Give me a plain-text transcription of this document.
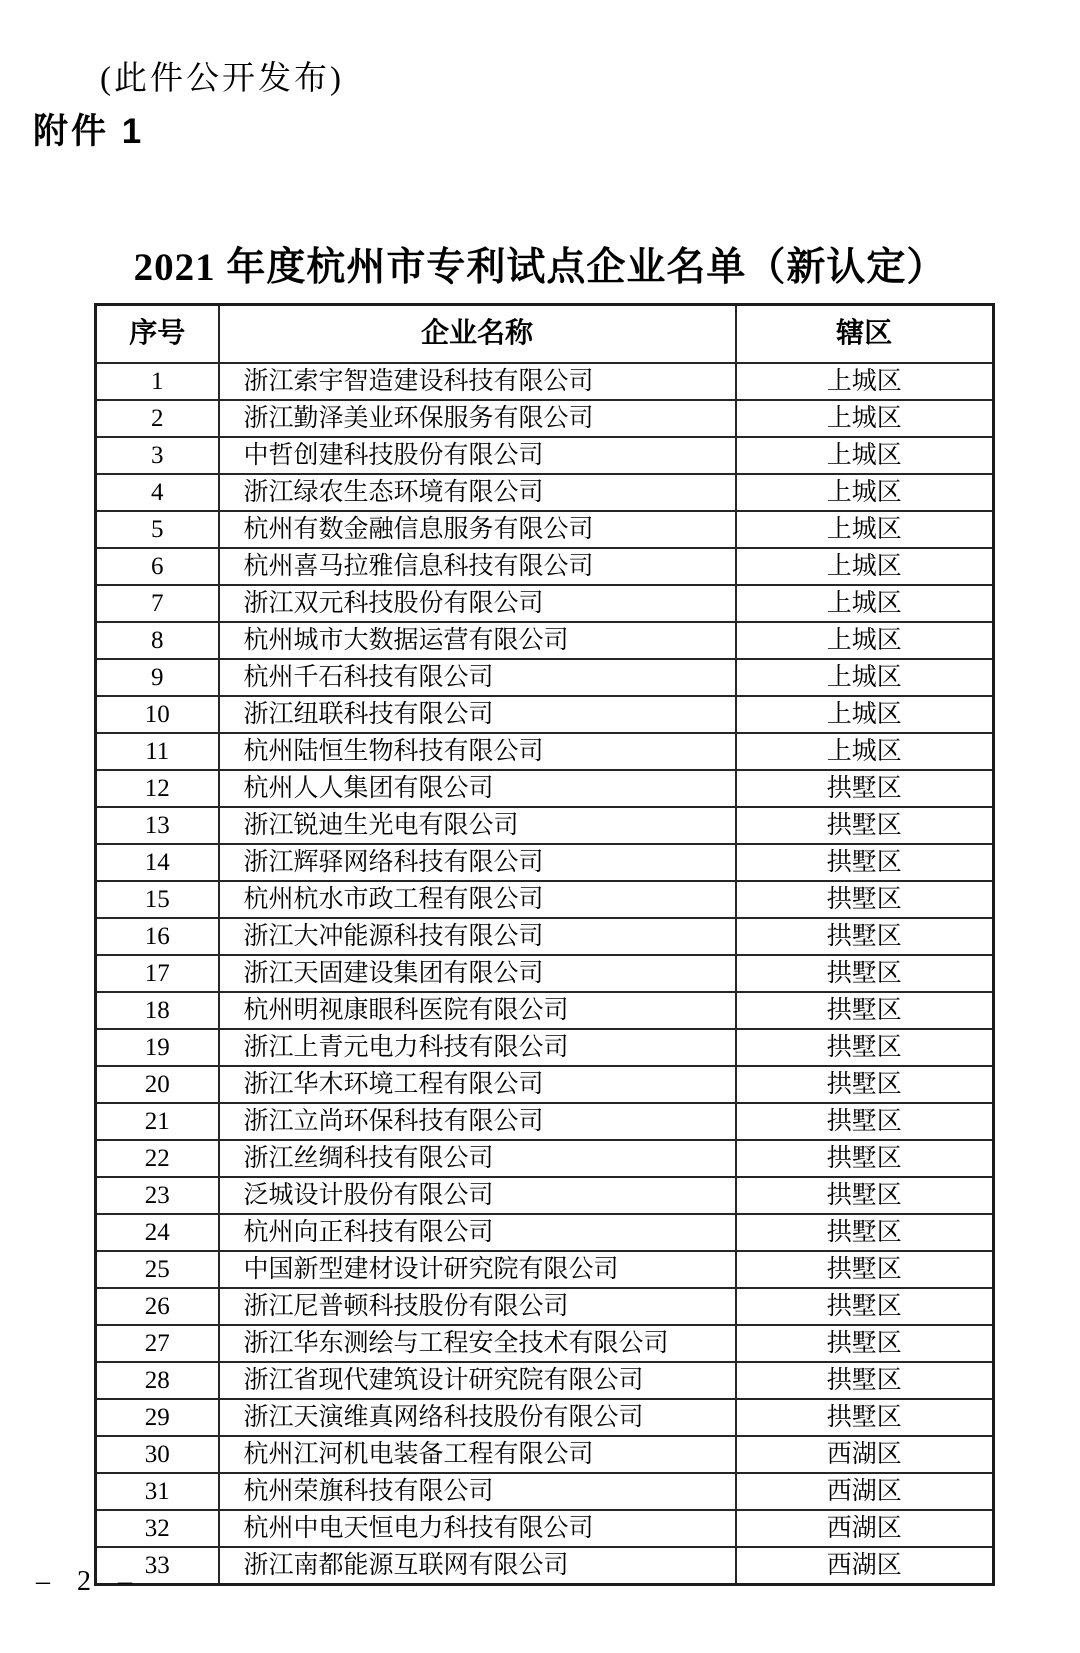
(此件公开发布)
附件 1
2021 年度杭州市专利试点企业名单（新认定）
序号	企业名称	辖区
1	浙江索宇智造建设科技有限公司	上城区
2	浙江勤泽美业环保服务有限公司	上城区
3	中哲创建科技股份有限公司	上城区
4	浙江绿农生态环境有限公司	上城区
5	杭州有数金融信息服务有限公司	上城区
6	杭州喜马拉雅信息科技有限公司	上城区
7	浙江双元科技股份有限公司	上城区
8	杭州城市大数据运营有限公司	上城区
9	杭州千石科技有限公司	上城区
10	浙江纽联科技有限公司	上城区
11	杭州陆恒生物科技有限公司	上城区
12	杭州人人集团有限公司	拱墅区
13	浙江锐迪生光电有限公司	拱墅区
14	浙江辉驿网络科技有限公司	拱墅区
15	杭州杭水市政工程有限公司	拱墅区
16	浙江大冲能源科技有限公司	拱墅区
17	浙江天固建设集团有限公司	拱墅区
18	杭州明视康眼科医院有限公司	拱墅区
19	浙江上青元电力科技有限公司	拱墅区
20	浙江华木环境工程有限公司	拱墅区
21	浙江立尚环保科技有限公司	拱墅区
22	浙江丝绸科技有限公司	拱墅区
23	泛城设计股份有限公司	拱墅区
24	杭州向正科技有限公司	拱墅区
25	中国新型建材设计研究院有限公司	拱墅区
26	浙江尼普顿科技股份有限公司	拱墅区
27	浙江华东测绘与工程安全技术有限公司	拱墅区
28	浙江省现代建筑设计研究院有限公司	拱墅区
29	浙江天演维真网络科技股份有限公司	拱墅区
30	杭州江河机电装备工程有限公司	西湖区
31	杭州荣旗科技有限公司	西湖区
32	杭州中电天恒电力科技有限公司	西湖区
33	浙江南都能源互联网有限公司	西湖区
– 2 –
